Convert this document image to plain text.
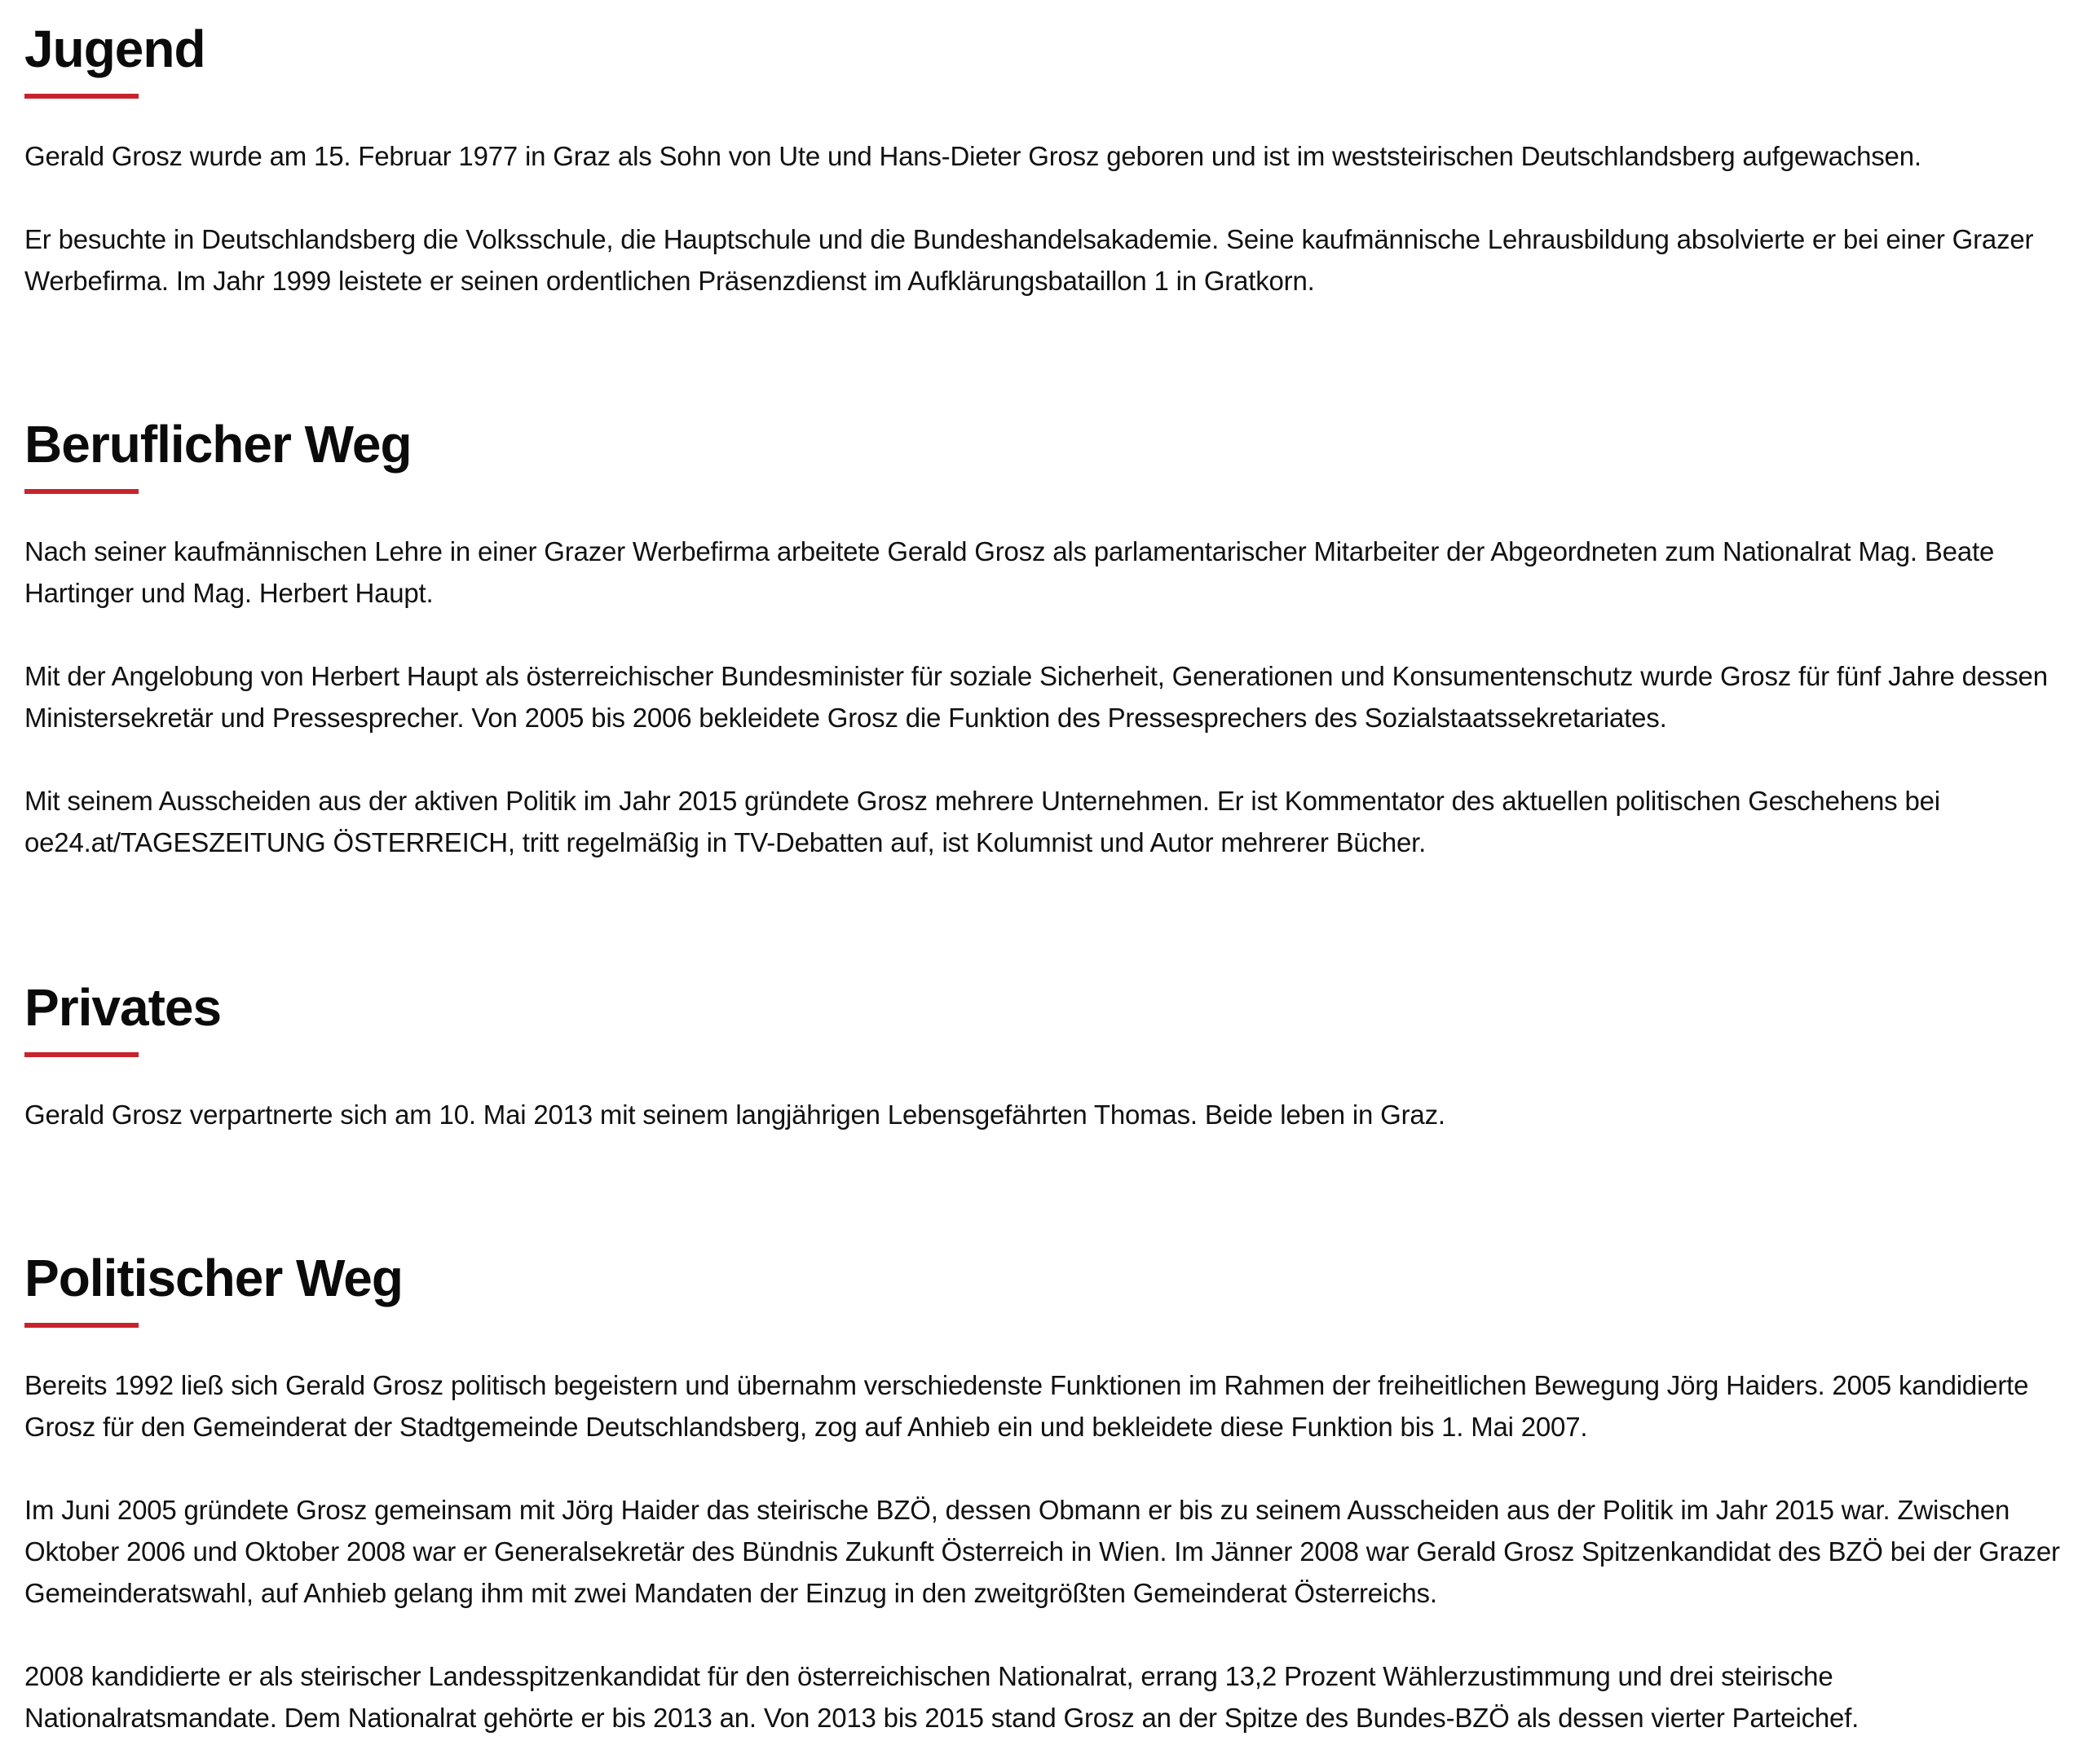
Jugend

Gerald Grosz wurde am 15. Februar 1977 in Graz als Sohn von Ute und Hans-Dieter Grosz geboren und ist im weststeirischen Deutschlandsberg aufgewachsen.

Er besuchte in Deutschlandsberg die Volksschule, die Hauptschule und die Bundeshandelsakademie. Seine kaufmännische Lehrausbildung absolvierte er bei einer Grazer Werbefirma. Im Jahr 1999 leistete er seinen ordentlichen Präsenzdienst im Aufklärungsbataillon 1 in Gratkorn.

Beruflicher Weg

Nach seiner kaufmännischen Lehre in einer Grazer Werbefirma arbeitete Gerald Grosz als parlamentarischer Mitarbeiter der Abgeordneten zum Nationalrat Mag. Beate Hartinger und Mag. Herbert Haupt.

Mit der Angelobung von Herbert Haupt als österreichischer Bundesminister für soziale Sicherheit, Generationen und Konsumentenschutz wurde Grosz für fünf Jahre dessen Ministersekretär und Pressesprecher. Von 2005 bis 2006 bekleidete Grosz die Funktion des Pressesprechers des Sozialstaatssekretariates.

Mit seinem Ausscheiden aus der aktiven Politik im Jahr 2015 gründete Grosz mehrere Unternehmen. Er ist Kommentator des aktuellen politischen Geschehens bei oe24.at/TAGESZEITUNG ÖSTERREICH, tritt regelmäßig in TV-Debatten auf, ist Kolumnist und Autor mehrerer Bücher.

Privates

Gerald Grosz verpartnerte sich am 10. Mai 2013 mit seinem langjährigen Lebensgefährten Thomas. Beide leben in Graz.

Politischer Weg

Bereits 1992 ließ sich Gerald Grosz politisch begeistern und übernahm verschiedenste Funktionen im Rahmen der freiheitlichen Bewegung Jörg Haiders. 2005 kandidierte Grosz für den Gemeinderat der Stadtgemeinde Deutschlandsberg, zog auf Anhieb ein und bekleidete diese Funktion bis 1. Mai 2007.

Im Juni 2005 gründete Grosz gemeinsam mit Jörg Haider das steirische BZÖ, dessen Obmann er bis zu seinem Ausscheiden aus der Politik im Jahr 2015 war. Zwischen Oktober 2006 und Oktober 2008 war er Generalsekretär des Bündnis Zukunft Österreich in Wien. Im Jänner 2008 war Gerald Grosz Spitzenkandidat des BZÖ bei der Grazer Gemeinderatswahl, auf Anhieb gelang ihm mit zwei Mandaten der Einzug in den zweitgrößten Gemeinderat Österreichs.

2008 kandidierte er als steirischer Landesspitzenkandidat für den österreichischen Nationalrat, errang 13,2 Prozent Wählerzustimmung und drei steirische Nationalratsmandate. Dem Nationalrat gehörte er bis 2013 an. Von 2013 bis 2015 stand Grosz an der Spitze des Bundes-BZÖ als dessen vierter Parteichef.
